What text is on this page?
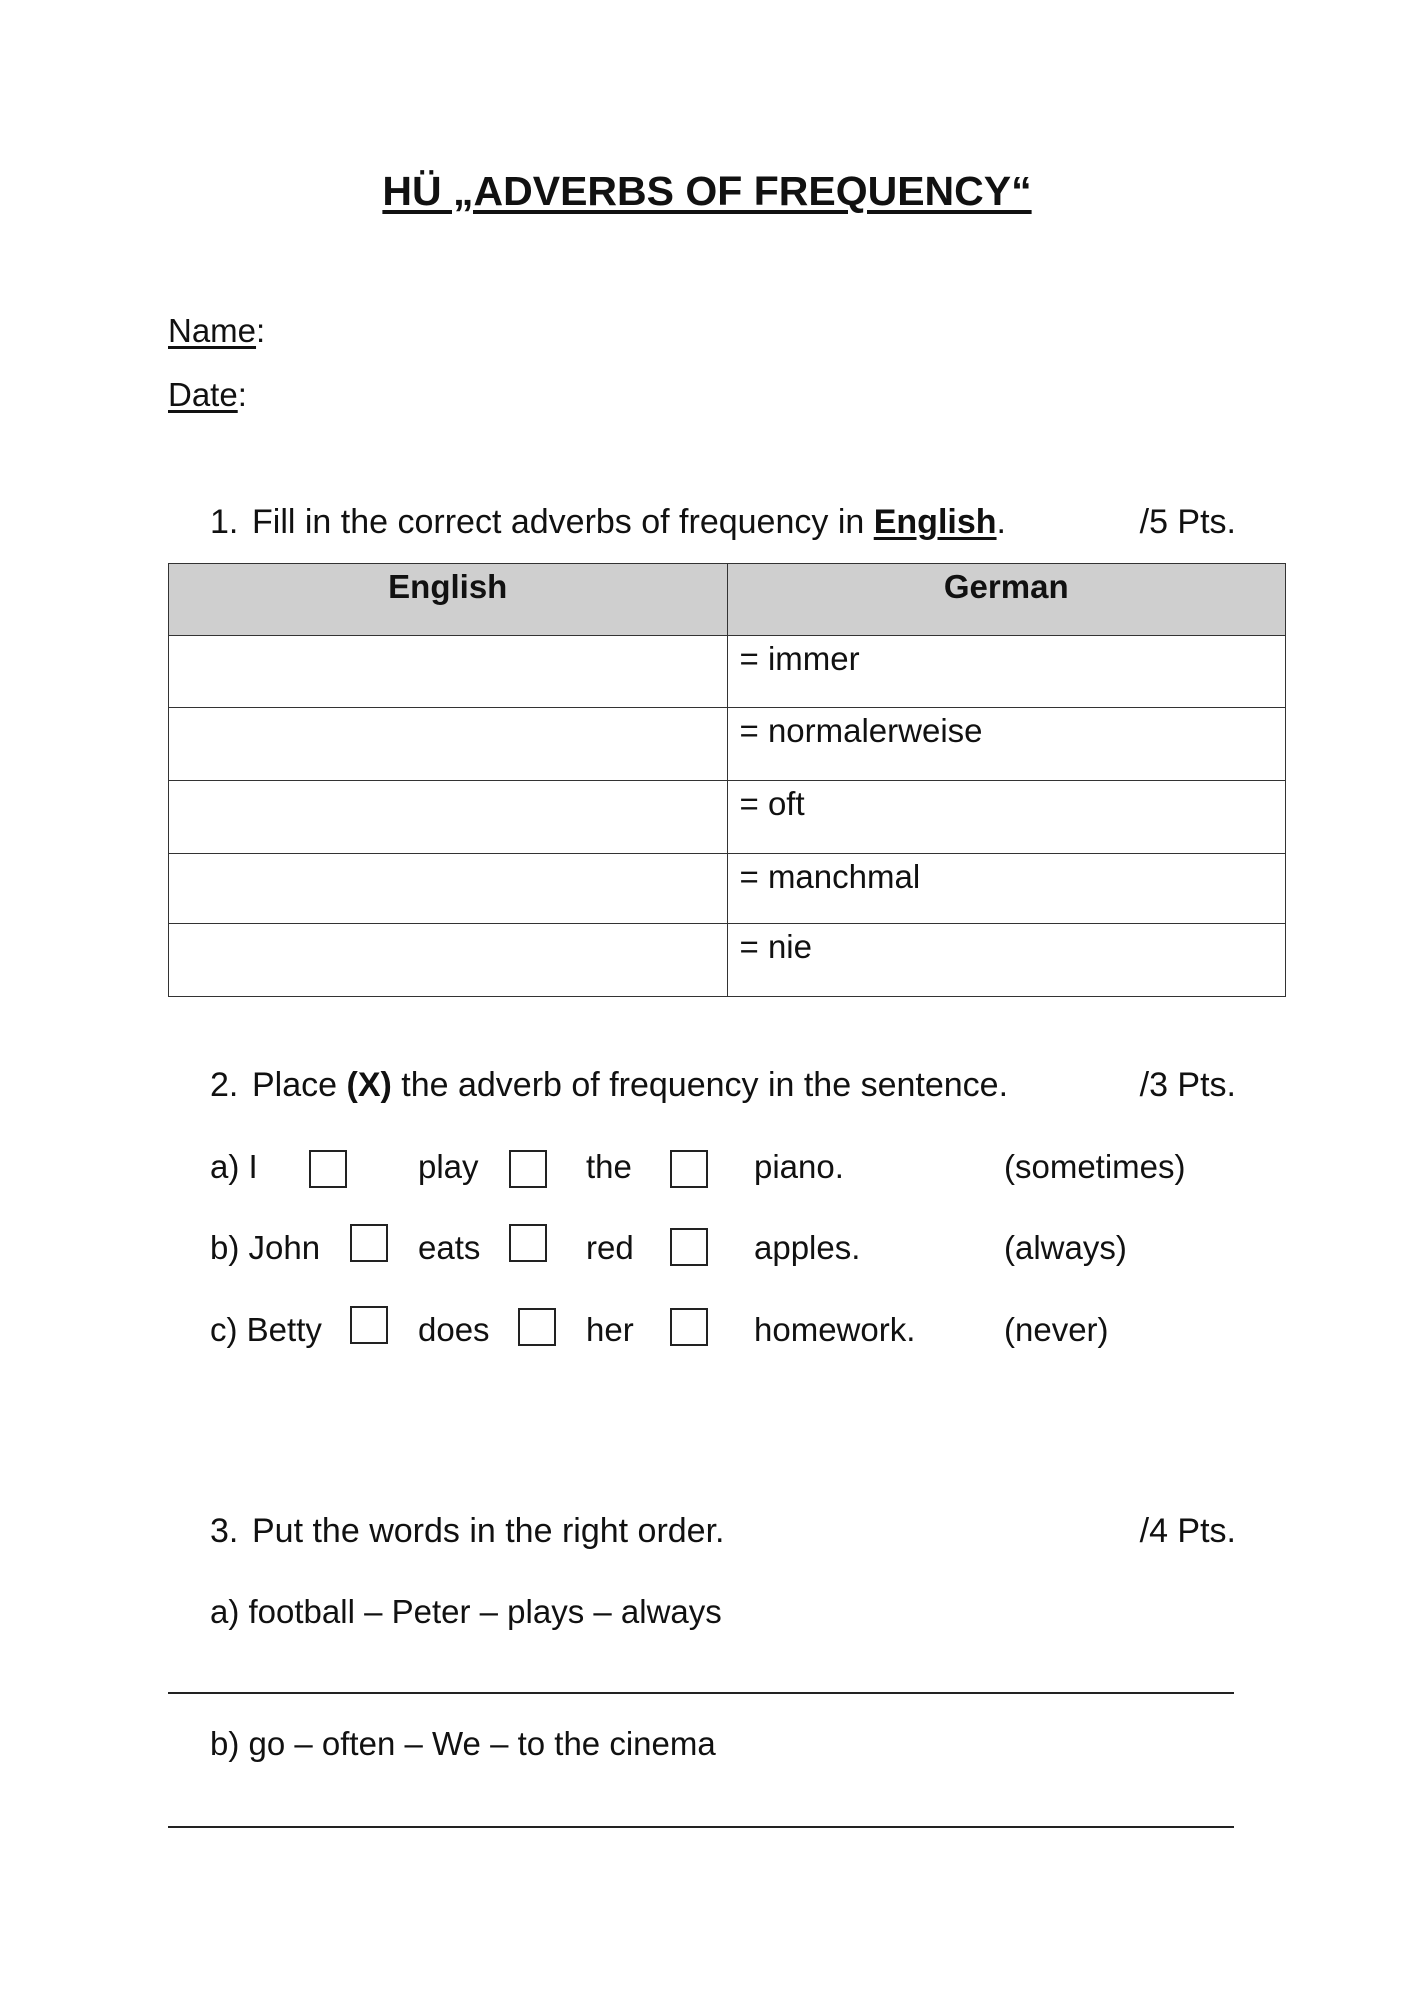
HÜ „ADVERBS OF FREQUENCY“
Name:
Date:
1. Fill in the correct adverbs of frequency in English.	/5 Pts.
English	German
	= immer
	= normalerweise
	= oft
	= manchmal
	= nie
2. Place (X) the adverb of frequency in the sentence.	/3 Pts.
a) I	play	the	piano.	(sometimes)
b) John	eats	red	apples.	(always)
c) Betty	does	her	homework.	(never)
3. Put the words in the right order.	/4 Pts.
a) football – Peter – plays – always
b) go – often – We – to the cinema
